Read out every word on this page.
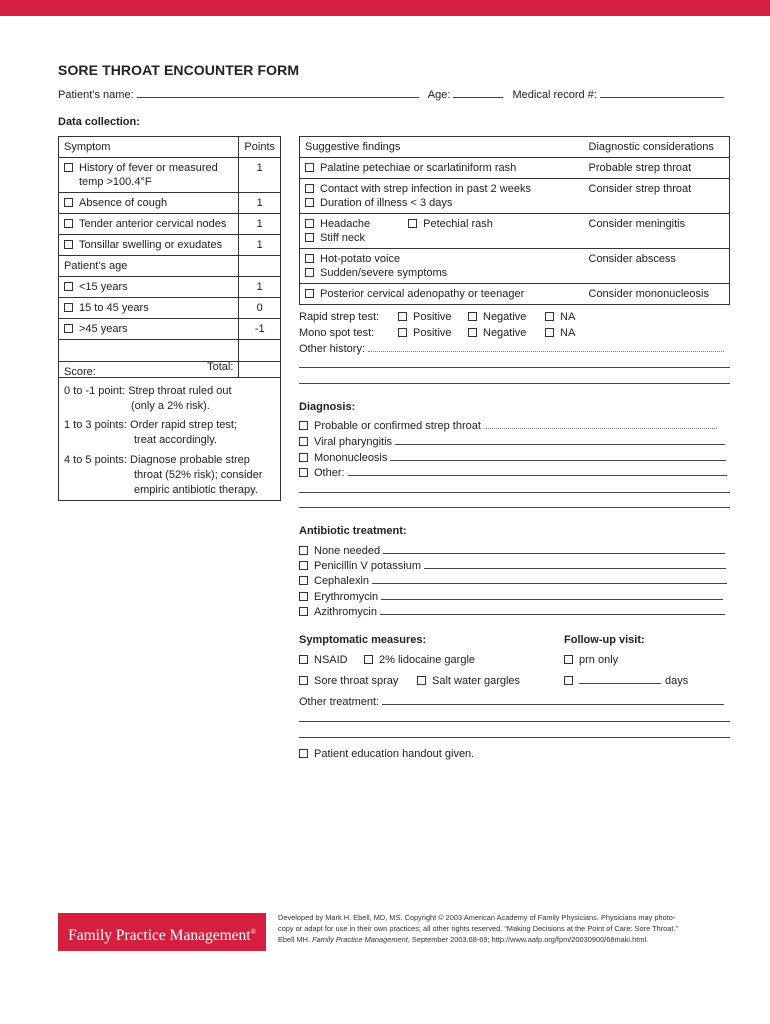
SORE THROAT ENCOUNTER FORM
Patient’s name:	Age:	Medical record #:
Data collection:
Symptom	Points
History of fever or measured
temp >100.4°F	1
Absence of cough	1
Tender anterior cervical nodes	1
Tonsillar swelling or exudates	1
Patient’s age	
<15 years	1
15 to 45 years	0
>45 years	-1
Total:	
Score:
0 to -1 point: Strep throat ruled out
(only a 2% risk).
1 to 3 points: Order rapid strep test;
treat accordingly.
4 to 5 points: Diagnose probable strep
throat (52% risk); consider
empiric antibiotic therapy.
Suggestive findings	Diagnostic considerations
Palatine petechiae or scarlatiniform rash	Probable strep throat
Contact with strep infection in past 2 weeks
Duration of illness < 3 days	Consider strep throat
Headache Petechial rash
Stiff neck	Consider meningitis
Hot-potato voice
Sudden/severe symptoms	Consider abscess
Posterior cervical adenopathy or teenager	Consider mononucleosis
Rapid strep test:	Positive	Negative	NA
Mono spot test:	Positive	Negative	NA
Other history:
Diagnosis:
Probable or confirmed strep throat
Viral pharyngitis
Mononucleosis
Other:
Antibiotic treatment:
None needed
Penicillin V potassium
Cephalexin
Erythromycin
Azithromycin
Symptomatic measures:
NSAID	2% lidocaine gargle
Sore throat spray	Salt water gargles
Follow-up visit:
prn only
days
Other treatment:
Patient education handout given.
Family Practice Management®
Developed by Mark H. Ebell, MD, MS. Copyright © 2003 American Academy of Family Physicians. Physicians may photo-
copy or adapt for use in their own practices; all other rights reserved. “Making Decisions at the Point of Care: Sore Throat.”
Ebell MH. Family Practice Management, September 2003:68-69; http://www.aafp.org/fpm/20030900/68maki.html.
